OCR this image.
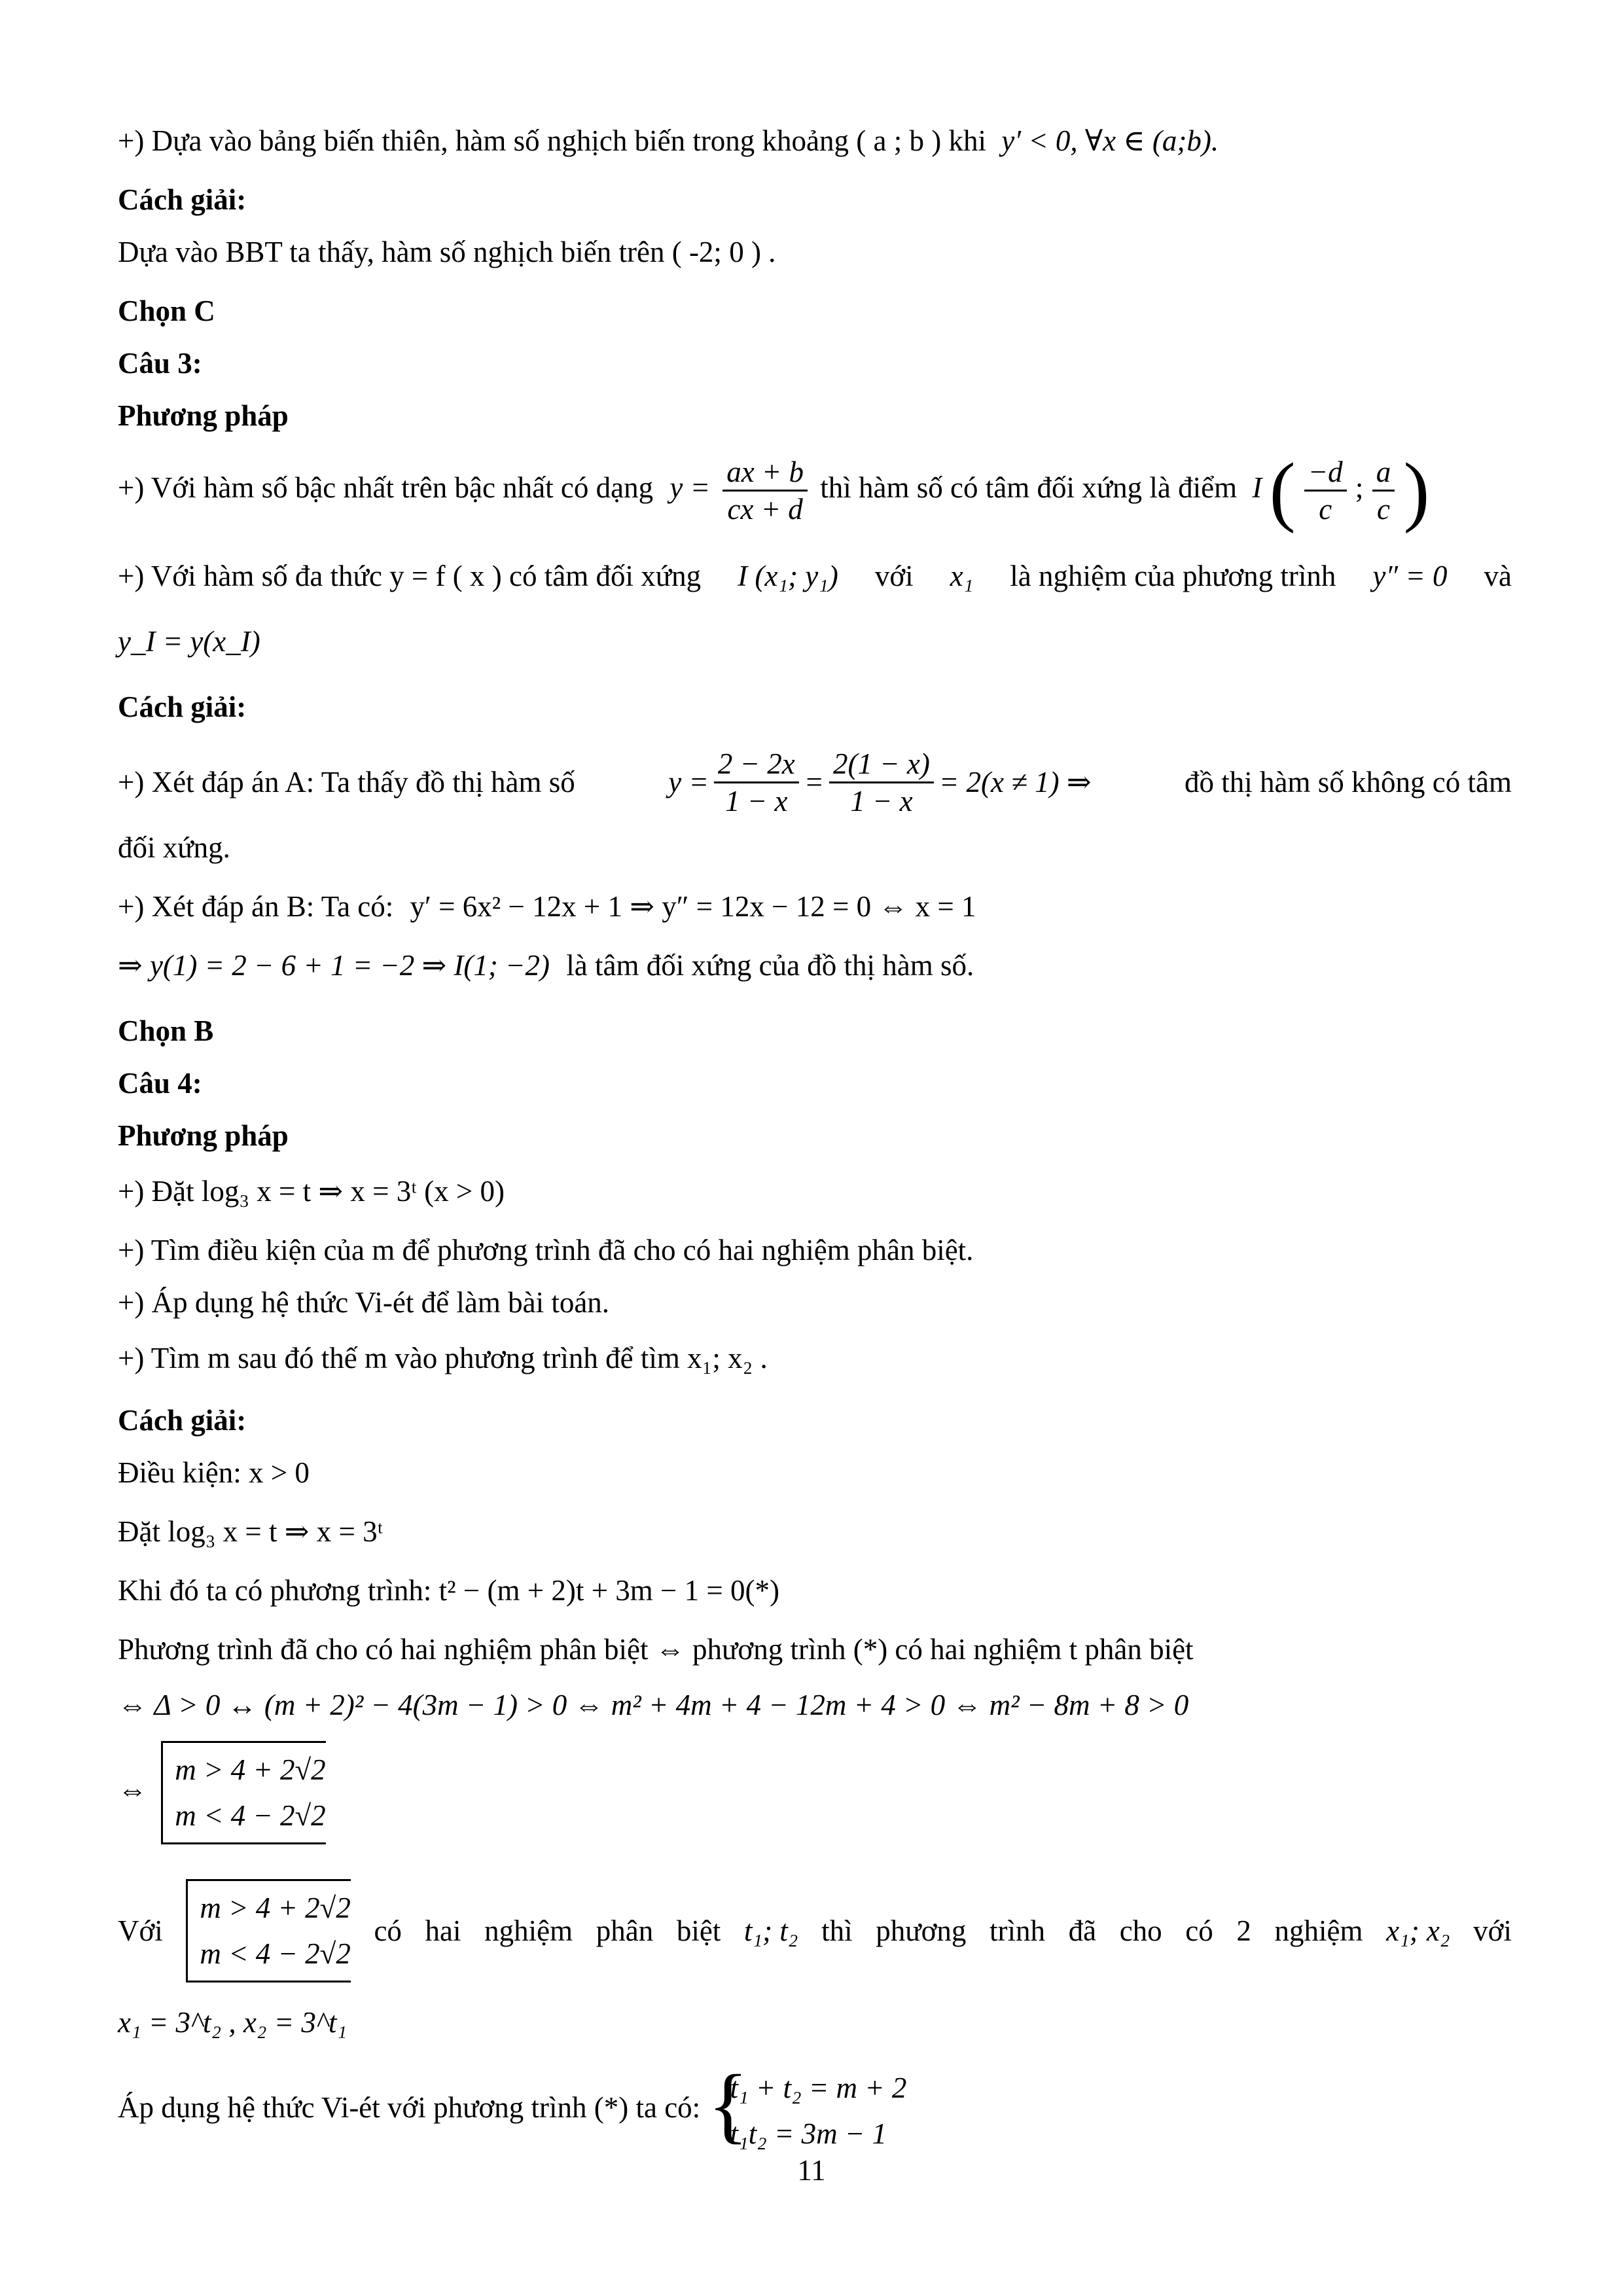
+) Dựa vào bảng biến thiên, hàm số nghịch biến trong khoảng ( a ; b ) khi y′ < 0, ∀x ∈ (a;b).
Cách giải:
Dựa vào BBT ta thấy, hàm số nghịch biến trên ( -2; 0 ) .
Chọn C
Câu 3:
Phương pháp
+) Với hàm số bậc nhất trên bậc nhất có dạng $y = \frac{ax + b}{cx + d}$ thì hàm số có tâm đối xứng là điểm I ( $\frac{-d}{c}$ ; $\frac{a}{c}$ )
+) Với hàm số đa thức y = f ( x ) có tâm đối xứng I (x₁; y₁) với x₁ là nghiệm của phương trình y″ = 0 và
y_I = y(x_I)
Cách giải:
+) Xét đáp án A: Ta thấy đồ thị hàm số	$y = \frac{2 - 2x}{1 - x} = \frac{2(1 - x)}{1 - x} = 2(x \ne 1)$ ⇒	đồ thị hàm số không có tâm
đối xứng.
+) Xét đáp án B: Ta có: y′ = 6x² − 12x + 1 ⇒ y″ = 12x − 12 = 0 ⇔ x = 1
⇒ y(1) = 2 − 6 + 1 = −2 ⇒ I(1; −2) là tâm đối xứng của đồ thị hàm số.
Chọn B
Câu 4:
Phương pháp
+) Đặt log₃ x = t ⇒ x = 3ᵗ (x > 0)
+) Tìm điều kiện của m để phương trình đã cho có hai nghiệm phân biệt.
+) Áp dụng hệ thức Vi-ét để làm bài toán.
+) Tìm m sau đó thế m vào phương trình để tìm x₁; x₂ .
Cách giải:
Điều kiện: x > 0
Đặt log₃ x = t ⇒ x = 3ᵗ
Khi đó ta có phương trình: t² − (m + 2)t + 3m − 1 = 0(*)
Phương trình đã cho có hai nghiệm phân biệt ⇔ phương trình (*) có hai nghiệm t phân biệt
⇔ Δ > 0 ↔ (m + 2)² − 4(3m − 1) > 0 ⇔ m² + 4m + 4 − 12m + 4 > 0 ⇔ m² − 8m + 8 > 0
⇔
m > 4 + 2√2
m < 4 − 2√2
Với
m > 4 + 2√2
m < 4 − 2√2
có hai nghiệm phân biệt t₁; t₂ thì phương trình đã cho có 2 nghiệm x₁; x₂ với
x₁ = 3^t₂ , x₂ = 3^t₁
Áp dụng hệ thức Vi-ét với phương trình (*) ta có: {
t₁ + t₂ = m + 2
t₁t₂ = 3m − 1
11
